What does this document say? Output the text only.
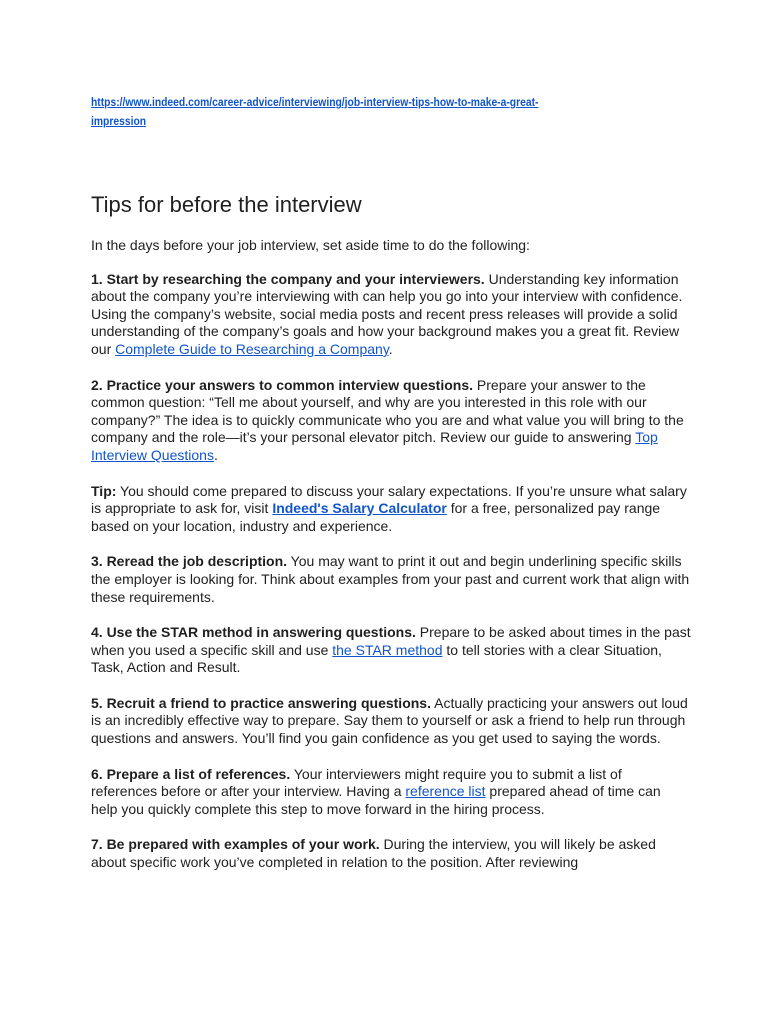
https://www.indeed.com/career-advice/interviewing/job-interview-tips-how-to-make-a-great-impression
Tips for before the interview

In the days before your job interview, set aside time to do the following:

1. Start by researching the company and your interviewers. Understanding key information about the company you’re interviewing with can help you go into your interview with confidence. Using the company’s website, social media posts and recent press releases will provide a solid understanding of the company’s goals and how your background makes you a great fit. Review our Complete Guide to Researching a Company.

2. Practice your answers to common interview questions. Prepare your answer to the common question: “Tell me about yourself, and why are you interested in this role with our company?” The idea is to quickly communicate who you are and what value you will bring to the company and the role—it’s your personal elevator pitch. Review our guide to answering Top Interview Questions.

Tip: You should come prepared to discuss your salary expectations. If you’re unsure what salary is appropriate to ask for, visit Indeed's Salary Calculator for a free, personalized pay range based on your location, industry and experience.

3. Reread the job description. You may want to print it out and begin underlining specific skills the employer is looking for. Think about examples from your past and current work that align with these requirements.

4. Use the STAR method in answering questions. Prepare to be asked about times in the past when you used a specific skill and use the STAR method to tell stories with a clear Situation, Task, Action and Result.

5. Recruit a friend to practice answering questions. Actually practicing your answers out loud is an incredibly effective way to prepare. Say them to yourself or ask a friend to help run through questions and answers. You’ll find you gain confidence as you get used to saying the words.

6. Prepare a list of references. Your interviewers might require you to submit a list of references before or after your interview. Having a reference list prepared ahead of time can help you quickly complete this step to move forward in the hiring process.

7. Be prepared with examples of your work. During the interview, you will likely be asked about specific work you’ve completed in relation to the position. After reviewing
